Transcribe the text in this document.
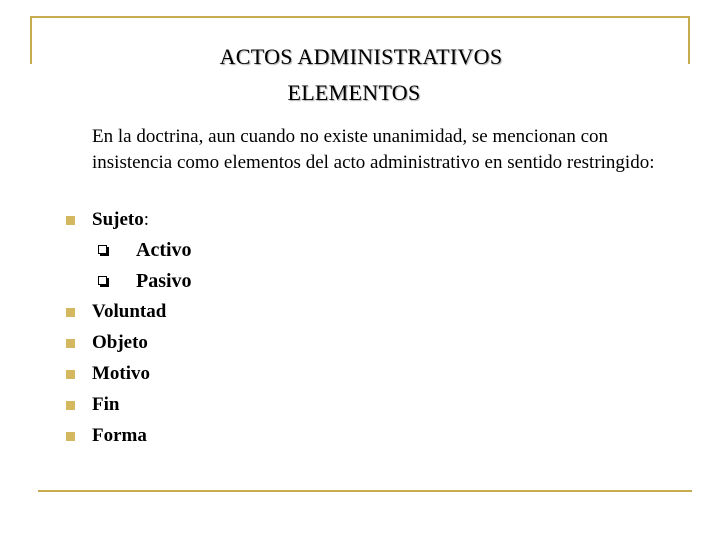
ACTOS ADMINISTRATIVOS
ELEMENTOS

En la doctrina, aun cuando no existe unanimidad, se mencionan con insistencia como elementos del acto administrativo en sentido restringido:

Sujeto:
Activo
Pasivo
Voluntad
Objeto
Motivo
Fin
Forma
